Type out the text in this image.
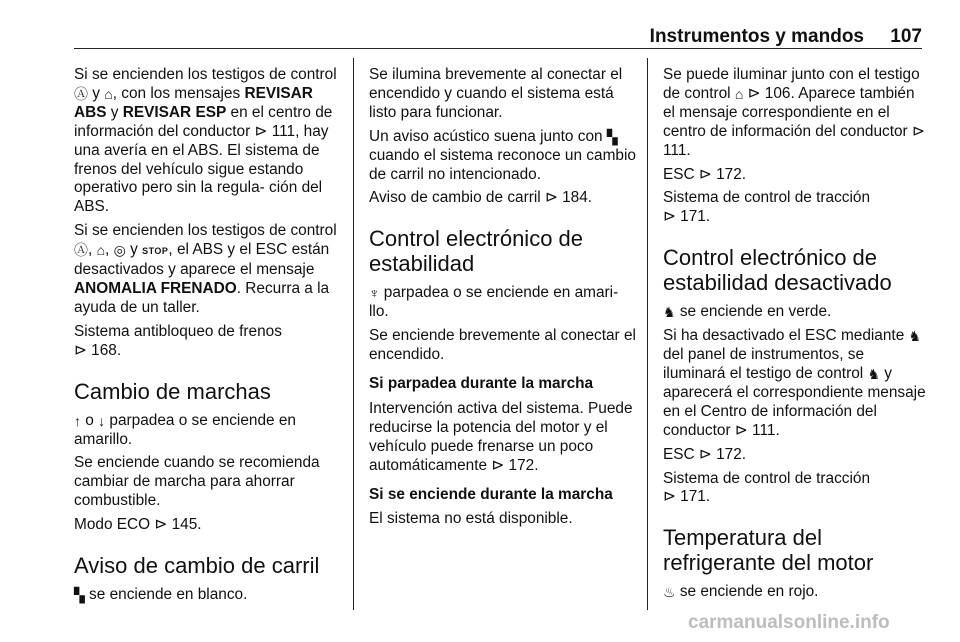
Instrumentos y mandos 107

Si se encienden los testigos de control Ⓐ y ⌂, con los mensajes REVISAR ABS y REVISAR ESP en el centro de información del conductor ⊳ 111, hay una avería en el ABS. El sistema de frenos del vehículo sigue estando operativo pero sin la regula‐ ción del ABS.

Si se encienden los testigos de control Ⓐ, ⌂, ◎ y STOP, el ABS y el ESC están desactivados y aparece el mensaje ANOMALIA FRENADO. Recurra a la ayuda de un taller.

Sistema antibloqueo de frenos
⊳ 168.

Cambio de marchas

↑ o ↓ parpadea o se enciende en amarillo.

Se enciende cuando se recomienda cambiar de marcha para ahorrar combustible.

Modo ECO ⊳ 145.

Aviso de cambio de carril

▚ se enciende en blanco.

Se ilumina brevemente al conectar el encendido y cuando el sistema está listo para funcionar.

Un aviso acústico suena junto con ▚ cuando el sistema reconoce un cambio de carril no intencionado.

Aviso de cambio de carril ⊳ 184.

Control electrónico de estabilidad

♆ parpadea o se enciende en amari‐ llo.

Se enciende brevemente al conectar el encendido.

Si parpadea durante la marcha

Intervención activa del sistema. Puede reducirse la potencia del motor y el vehículo puede frenarse un poco automáticamente ⊳ 172.

Si se enciende durante la marcha

El sistema no está disponible.

Se puede iluminar junto con el testigo de control ⌂ ⊳ 106. Aparece también el mensaje correspondiente en el centro de información del conductor ⊳ 111.

ESC ⊳ 172.

Sistema de control de tracción
⊳ 171.

Control electrónico de estabilidad desactivado

♞ se enciende en verde.

Si ha desactivado el ESC mediante ♞ del panel de instrumentos, se iluminará el testigo de control ♞ y aparecerá el correspondiente mensaje en el Centro de información del conductor ⊳ 111.

ESC ⊳ 172.

Sistema de control de tracción
⊳ 171.

Temperatura del refrigerante del motor

♨ se enciende en rojo.

carmanualsonline.info
